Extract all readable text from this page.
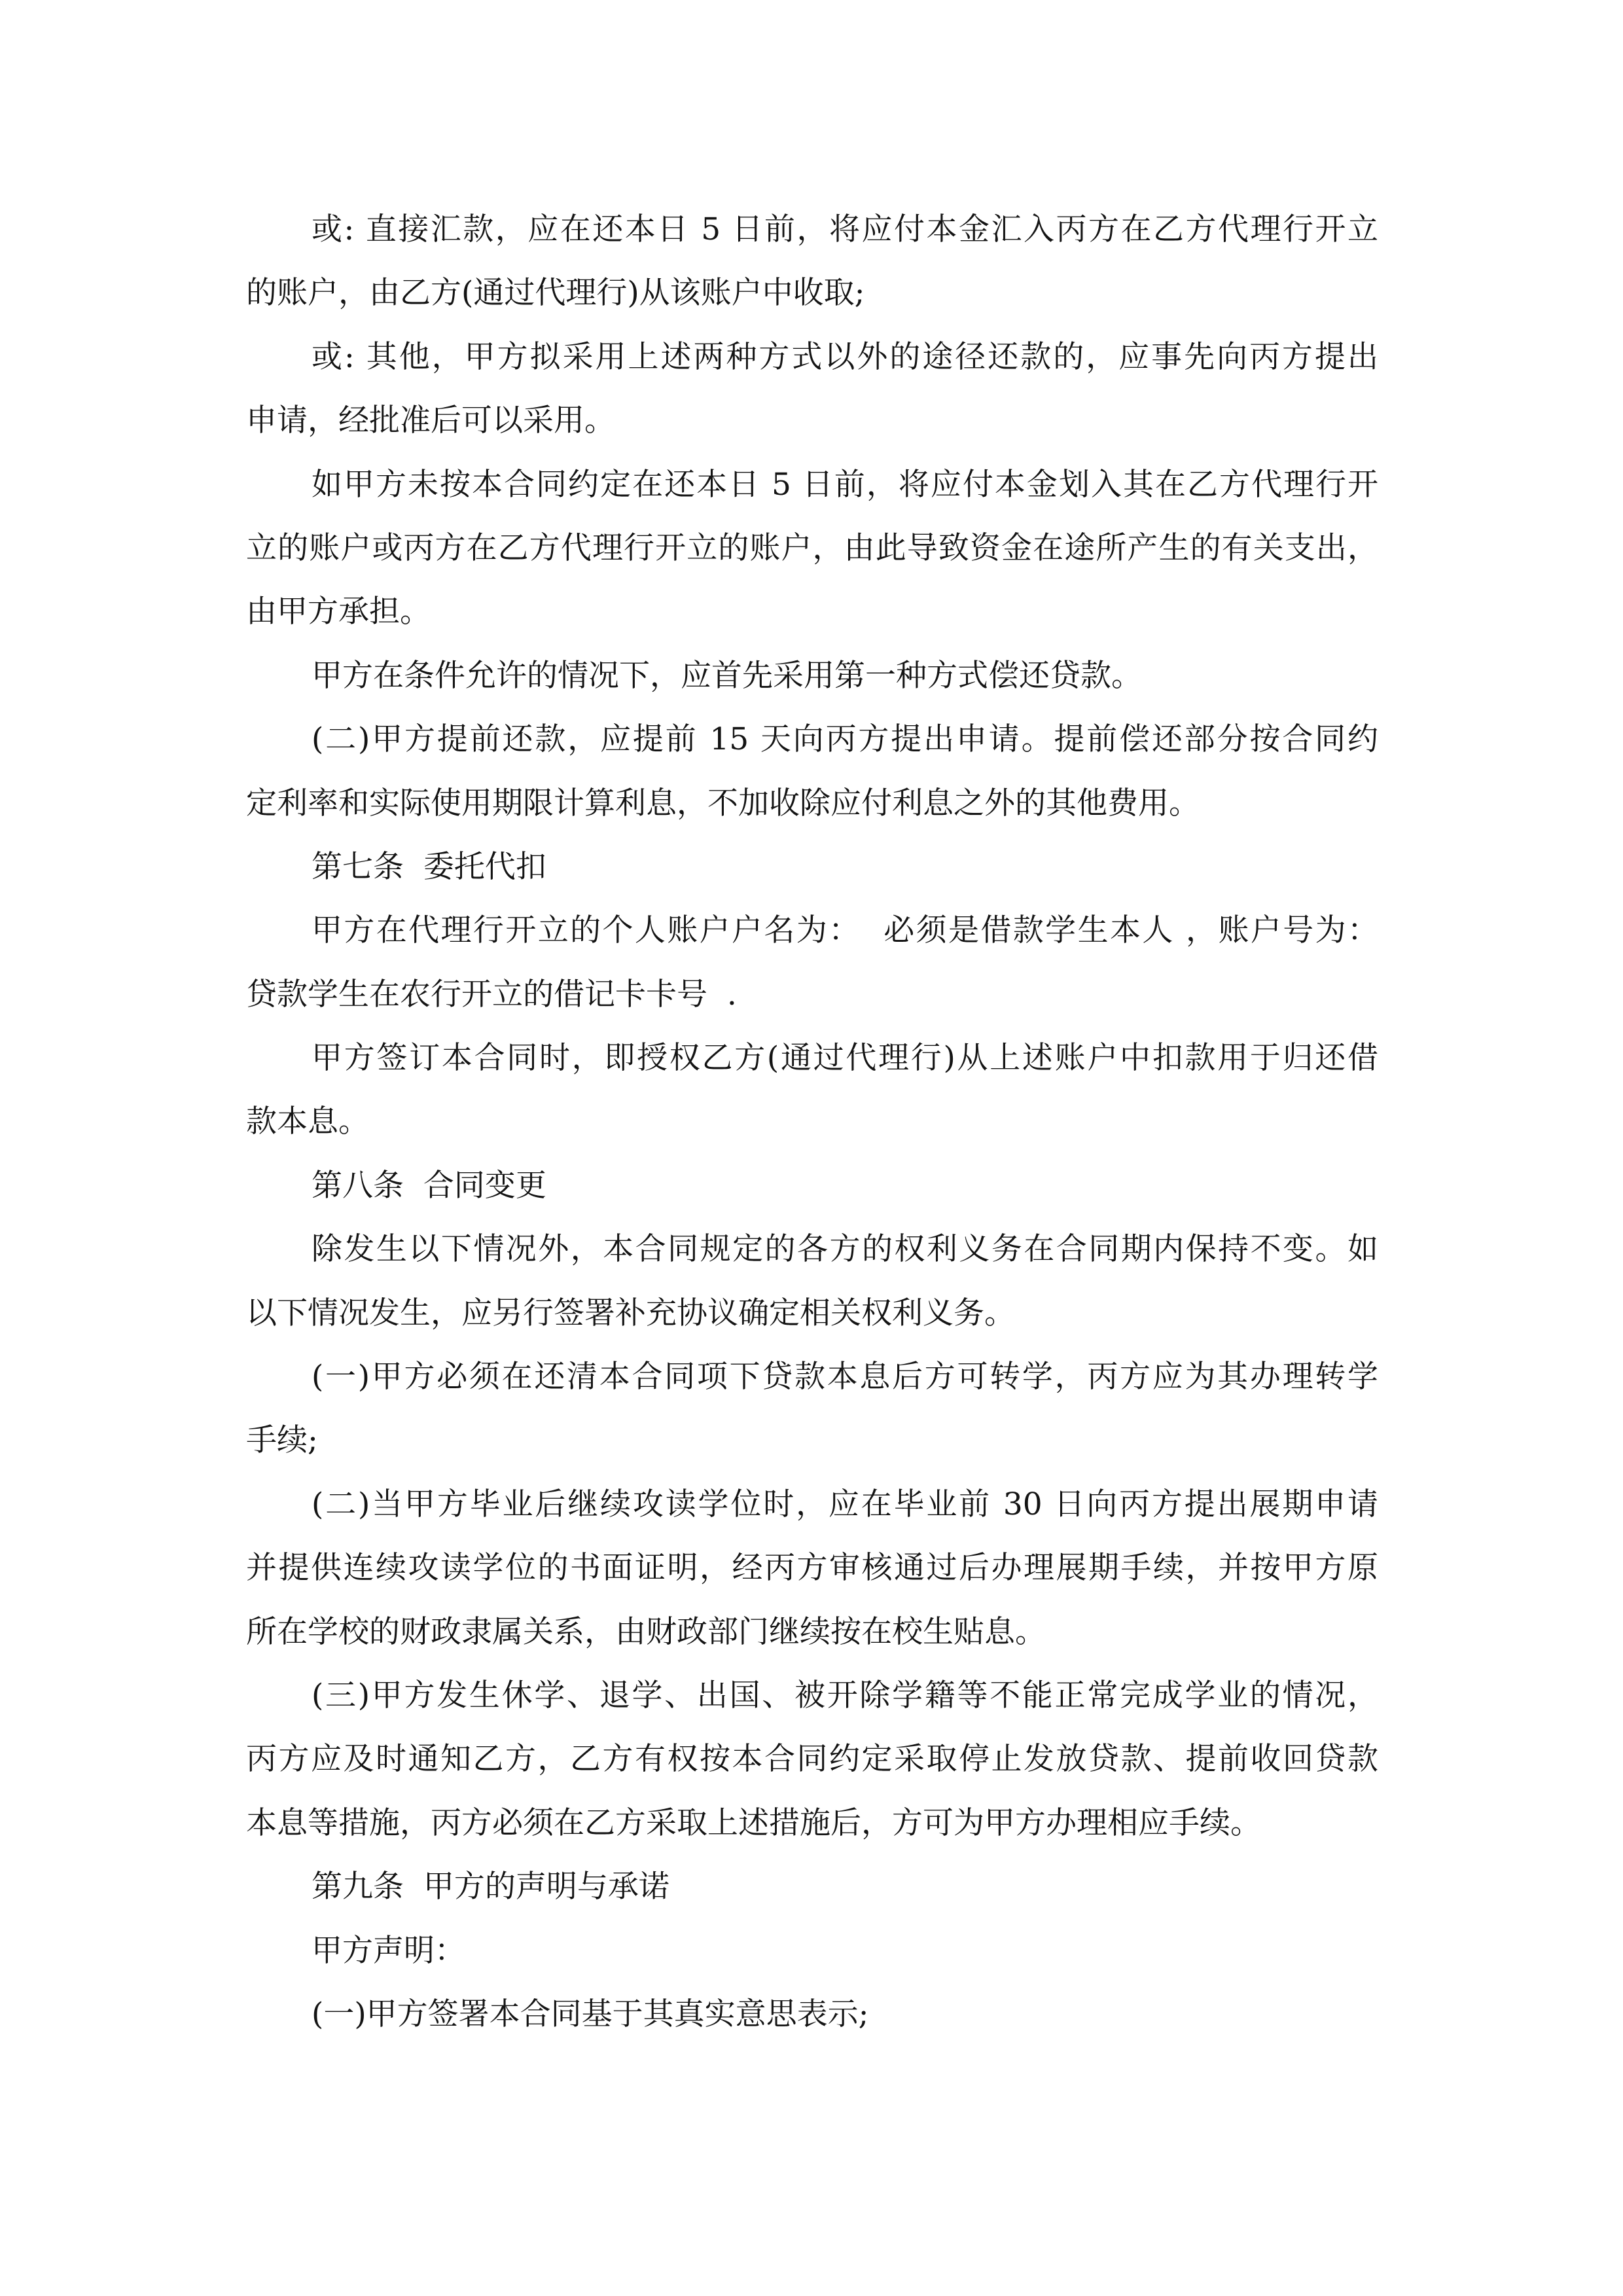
或: 直接汇款，应在还本日 5 日前，将应付本金汇入丙方在乙方代理行开立
的账户，由乙方(通过代理行)从该账户中收取;
或: 其他，甲方拟采用上述两种方式以外的途径还款的，应事先向丙方提出
申请，经批准后可以采用。
如甲方未按本合同约定在还本日 5 日前，将应付本金划入其在乙方代理行开
立的账户或丙方在乙方代理行开立的账户，由此导致资金在途所产生的有关支出，
由甲方承担。
甲方在条件允许的情况下，应首先采用第一种方式偿还贷款。
(二)甲方提前还款，应提前 15 天向丙方提出申请。提前偿还部分按合同约
定利率和实际使用期限计算利息，不加收除应付利息之外的其他费用。
第七条  委托代扣
甲方在代理行开立的个人账户户名为：  必须是借款学生本人 ，账户号为：
贷款学生在农行开立的借记卡卡号  .
甲方签订本合同时，即授权乙方(通过代理行)从上述账户中扣款用于归还借
款本息。
第八条  合同变更
除发生以下情况外，本合同规定的各方的权利义务在合同期内保持不变。如
以下情况发生，应另行签署补充协议确定相关权利义务。
(一)甲方必须在还清本合同项下贷款本息后方可转学，丙方应为其办理转学
手续;
(二)当甲方毕业后继续攻读学位时，应在毕业前 30 日向丙方提出展期申请
并提供连续攻读学位的书面证明，经丙方审核通过后办理展期手续，并按甲方原
所在学校的财政隶属关系，由财政部门继续按在校生贴息。
(三)甲方发生休学、退学、出国、被开除学籍等不能正常完成学业的情况，
丙方应及时通知乙方，乙方有权按本合同约定采取停止发放贷款、提前收回贷款
本息等措施，丙方必须在乙方采取上述措施后，方可为甲方办理相应手续。
第九条  甲方的声明与承诺
甲方声明：
(一)甲方签署本合同基于其真实意思表示;
